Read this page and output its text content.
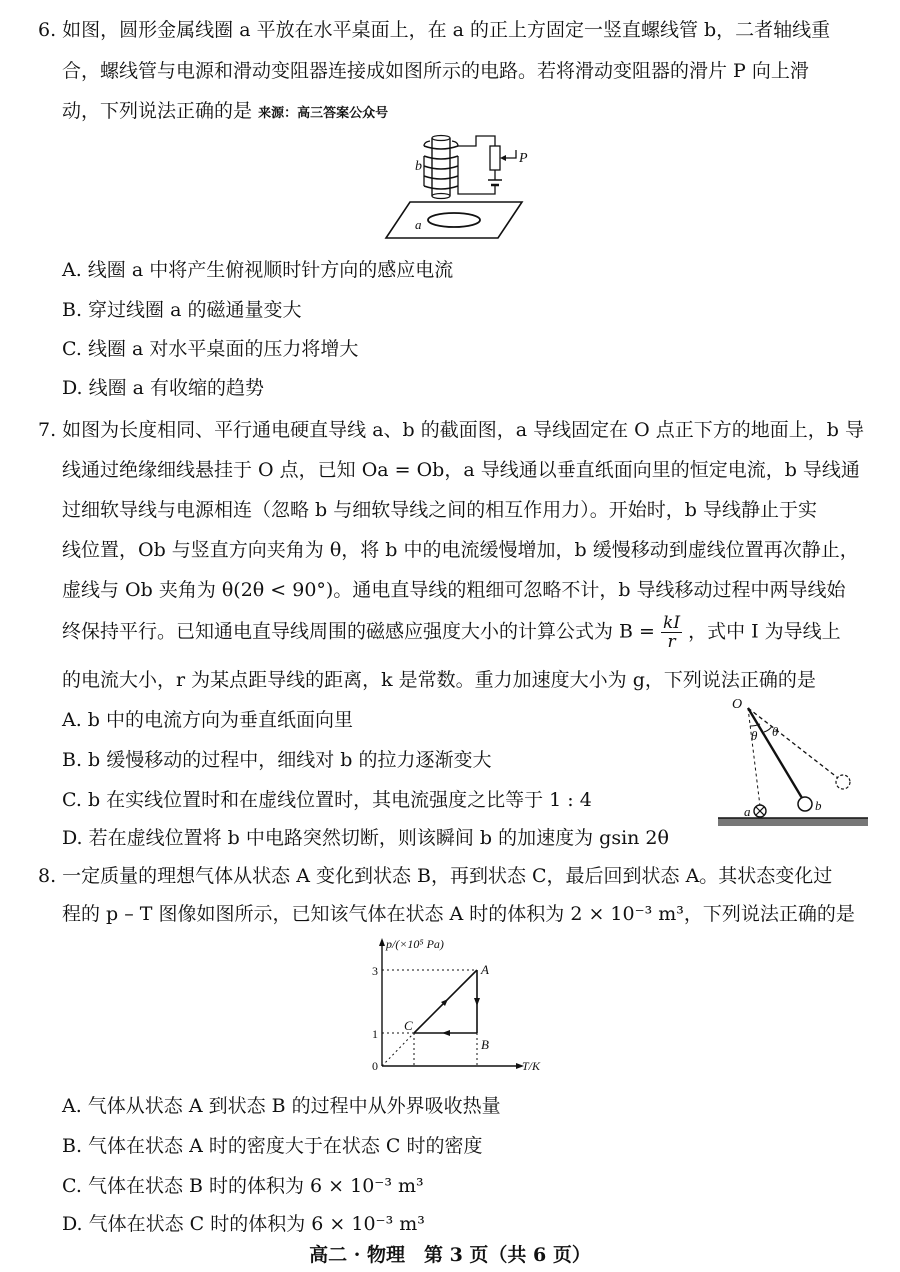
6. 如图，圆形金属线圈 a 平放在水平桌面上，在 a 的正上方固定一竖直螺线管 b，二者轴线重
合，螺线管与电源和滑动变阻器连接成如图所示的电路。若将滑动变阻器的滑片 P 向上滑
动，下列说法正确的是 来源：高三答案公众号
P
b
a
A. 线圈 a 中将产生俯视顺时针方向的感应电流
B. 穿过线圈 a 的磁通量变大
C. 线圈 a 对水平桌面的压力将增大
D. 线圈 a 有收缩的趋势
7. 如图为长度相同、平行通电硬直导线 a、b 的截面图，a 导线固定在 O 点正下方的地面上，b 导
线通过绝缘细线悬挂于 O 点，已知 Oa = Ob，a 导线通以垂直纸面向里的恒定电流，b 导线通
过细软导线与电源相连（忽略 b 与细软导线之间的相互作用力）。开始时，b 导线静止于实
线位置，Ob 与竖直方向夹角为 θ，将 b 中的电流缓慢增加，b 缓慢移动到虚线位置再次静止，
虚线与 Ob 夹角为 θ(2θ < 90°)。通电直导线的粗细可忽略不计，b 导线移动过程中两导线始
终保持平行。已知通电直导线周围的磁感应强度大小的计算公式为 $B = \frac{kI}{r}$ ，式中 I 为导线上
的电流大小，r 为某点距导线的距离，k 是常数。重力加速度大小为 g，下列说法正确的是
A. b 中的电流方向为垂直纸面向里
B. b 缓慢移动的过程中，细线对 b 的拉力逐渐变大
C. b 在实线位置时和在虚线位置时，其电流强度之比等于 1 : 4
D. 若在虚线位置将 b 中电路突然切断，则该瞬间 b 的加速度为 gsin 2θ
O
θ θ
a	b
8. 一定质量的理想气体从状态 A 变化到状态 B，再到状态 C，最后回到状态 A。其状态变化过
程的 p – T 图像如图所示，已知该气体在状态 A 时的体积为 2 × 10⁻³ m³，下列说法正确的是
p/(×10⁵ Pa)
T/K
0
1
3	A
B
C
A. 气体从状态 A 到状态 B 的过程中从外界吸收热量
B. 气体在状态 A 时的密度大于在状态 C 时的密度
C. 气体在状态 B 时的体积为 6 × 10⁻³ m³
D. 气体在状态 C 时的体积为 6 × 10⁻³ m³
高二 · 物理　第 3 页（共 6 页）
